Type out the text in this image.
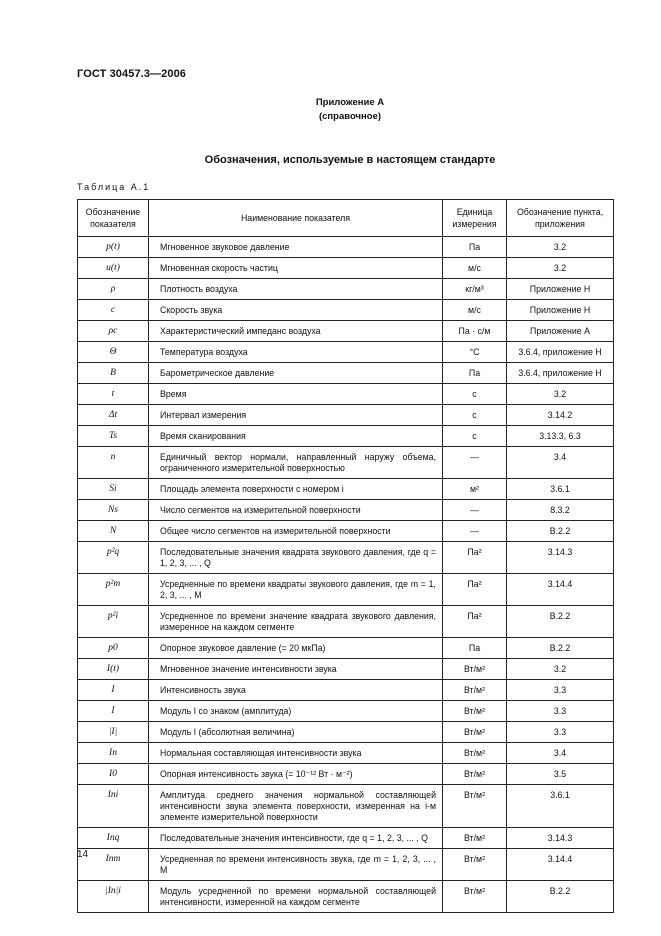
ГОСТ 30457.3—2006
Приложение А
(справочное)
Обозначения, используемые в настоящем стандарте
Таблица А.1
Обозначение показателя	Наименование показателя	Единица измерения	Обозначение пункта, приложения
p(t)	Мгновенное звуковое давление	Па	3.2
u(t)	Мгновенная скорость частиц	м/с	3.2
ρ	Плотность воздуха	кг/м³	Приложение Н
c	Скорость звука	м/с	Приложение Н
ρc	Характеристический импеданс воздуха	Па · с/м	Приложение А
Θ	Температура воздуха	°С	3.6.4, приложение Н
B	Барометрическое давление	Па	3.6.4, приложение Н
t	Время	с	3.2
Δt	Интервал измерения	с	3.14.2
Ts	Время сканирования	с	3.13.3, 6.3
n	Единичный вектор нормали, направленный наружу объема, ограниченного измерительной поверхностью	—	3.4
Si	Площадь элемента поверхности с номером i	м²	3.6.1
Ns	Число сегментов на измерительной поверхности	—	8.3.2
N	Общее число сегментов на измерительной поверхности	—	В.2.2
p²q	Последовательные значения квадрата звукового давления, где q = 1, 2, 3, ... , Q	Па²	3.14.3
p²m	Усредненные по времени квадраты звукового давления, где m = 1, 2, 3, ... , M	Па²	3.14.4
p²i	Усредненное по времени значение квадрата звукового давления, измеренное на каждом сегменте	Па²	В.2.2
p0	Опорное звуковое давление (= 20 мкПа)	Па	В.2.2
I(t)	Мгновенное значение интенсивности звука	Вт/м²	3.2
I	Интенсивность звука	Вт/м²	3.3
I	Модуль I со знаком (амплитуда)	Вт/м²	3.3
|I|	Модуль I (абсолютная величина)	Вт/м²	3.3
In	Нормальная составляющая интенсивности звука	Вт/м²	3.4
I0	Опорная интенсивность звука (= 10⁻¹² Вт · м⁻²)	Вт/м²	3.5
Ini	Амплитуда среднего значения нормальной составляющей интенсивности звука элемента поверхности, измеренная на i-м элементе измерительной поверхности	Вт/м²	3.6.1
Inq	Последовательные значения интенсивности, где q = 1, 2, 3, ... , Q	Вт/м²	3.14.3
Inm	Усредненная по времени интенсивность звука, где m = 1, 2, 3, ... , M	Вт/м²	3.14.4
|In|i	Модуль усредненной по времени нормальной составляющей интенсивности, измеренной на каждом сегменте	Вт/м²	В.2.2
14
